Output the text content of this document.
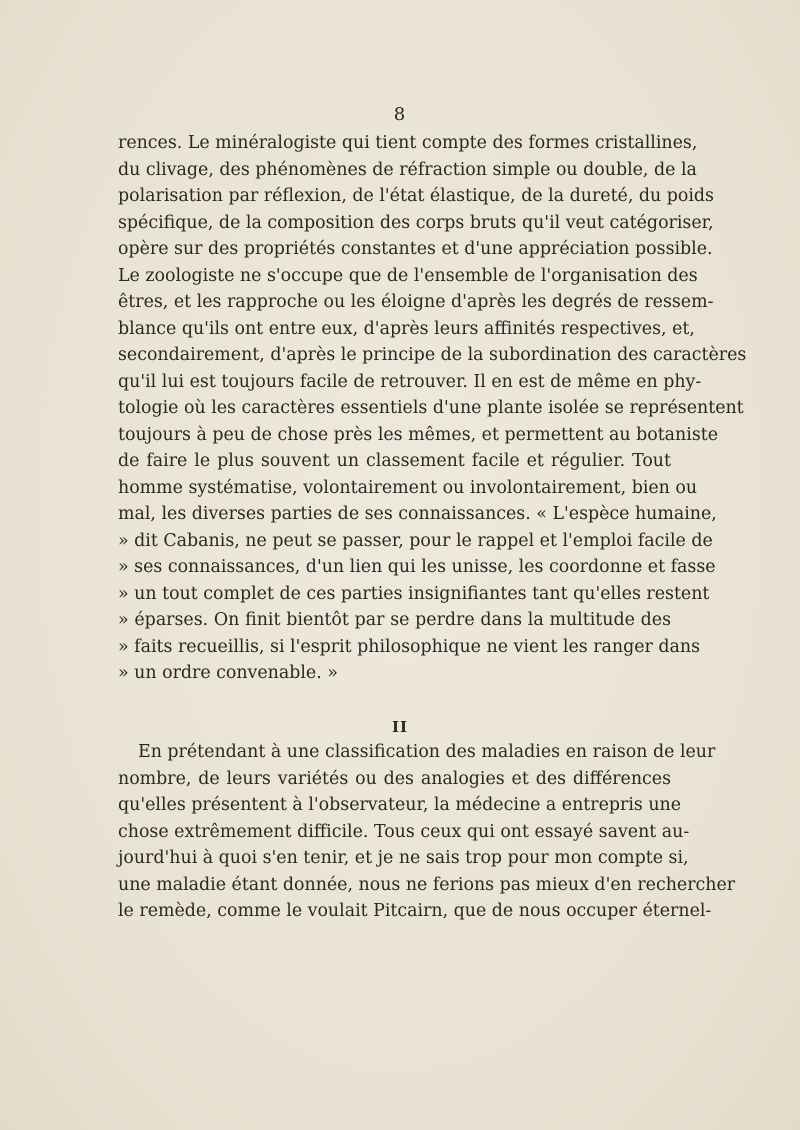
8
rences. Le minéralogiste qui tient compte des formes cristallines,
du clivage, des phénomènes de réfraction simple ou double, de la
polarisation par réflexion, de l'état élastique, de la dureté, du poids
spécifique, de la composition des corps bruts qu'il veut catégoriser,
opère sur des propriétés constantes et d'une appréciation possible.
Le zoologiste ne s'occupe que de l'ensemble de l'organisation des
êtres, et les rapproche ou les éloigne d'après les degrés de ressem-
blance qu'ils ont entre eux, d'après leurs affinités respectives, et,
secondairement, d'après le principe de la subordination des caractères
qu'il lui est toujours facile de retrouver. Il en est de même en phy-
tologie où les caractères essentiels d'une plante isolée se représentent
toujours à peu de chose près les mêmes, et permettent au botaniste
de faire le plus souvent un classement facile et régulier. Tout
homme systématise, volontairement ou involontairement, bien ou
mal, les diverses parties de ses connaissances. « L'espèce humaine,
» dit Cabanis, ne peut se passer, pour le rappel et l'emploi facile de
» ses connaissances, d'un lien qui les unisse, les coordonne et fasse
» un tout complet de ces parties insignifiantes tant qu'elles restent
» éparses. On finit bientôt par se perdre dans la multitude des
» faits recueillis, si l'esprit philosophique ne vient les ranger dans
» un ordre convenable. »
II
En prétendant à une classification des maladies en raison de leur
nombre, de leurs variétés ou des analogies et des différences
qu'elles présentent à l'observateur, la médecine a entrepris une
chose extrêmement difficile. Tous ceux qui ont essayé savent au-
jourd'hui à quoi s'en tenir, et je ne sais trop pour mon compte si,
une maladie étant donnée, nous ne ferions pas mieux d'en rechercher
le remède, comme le voulait Pitcairn, que de nous occuper éternel-
